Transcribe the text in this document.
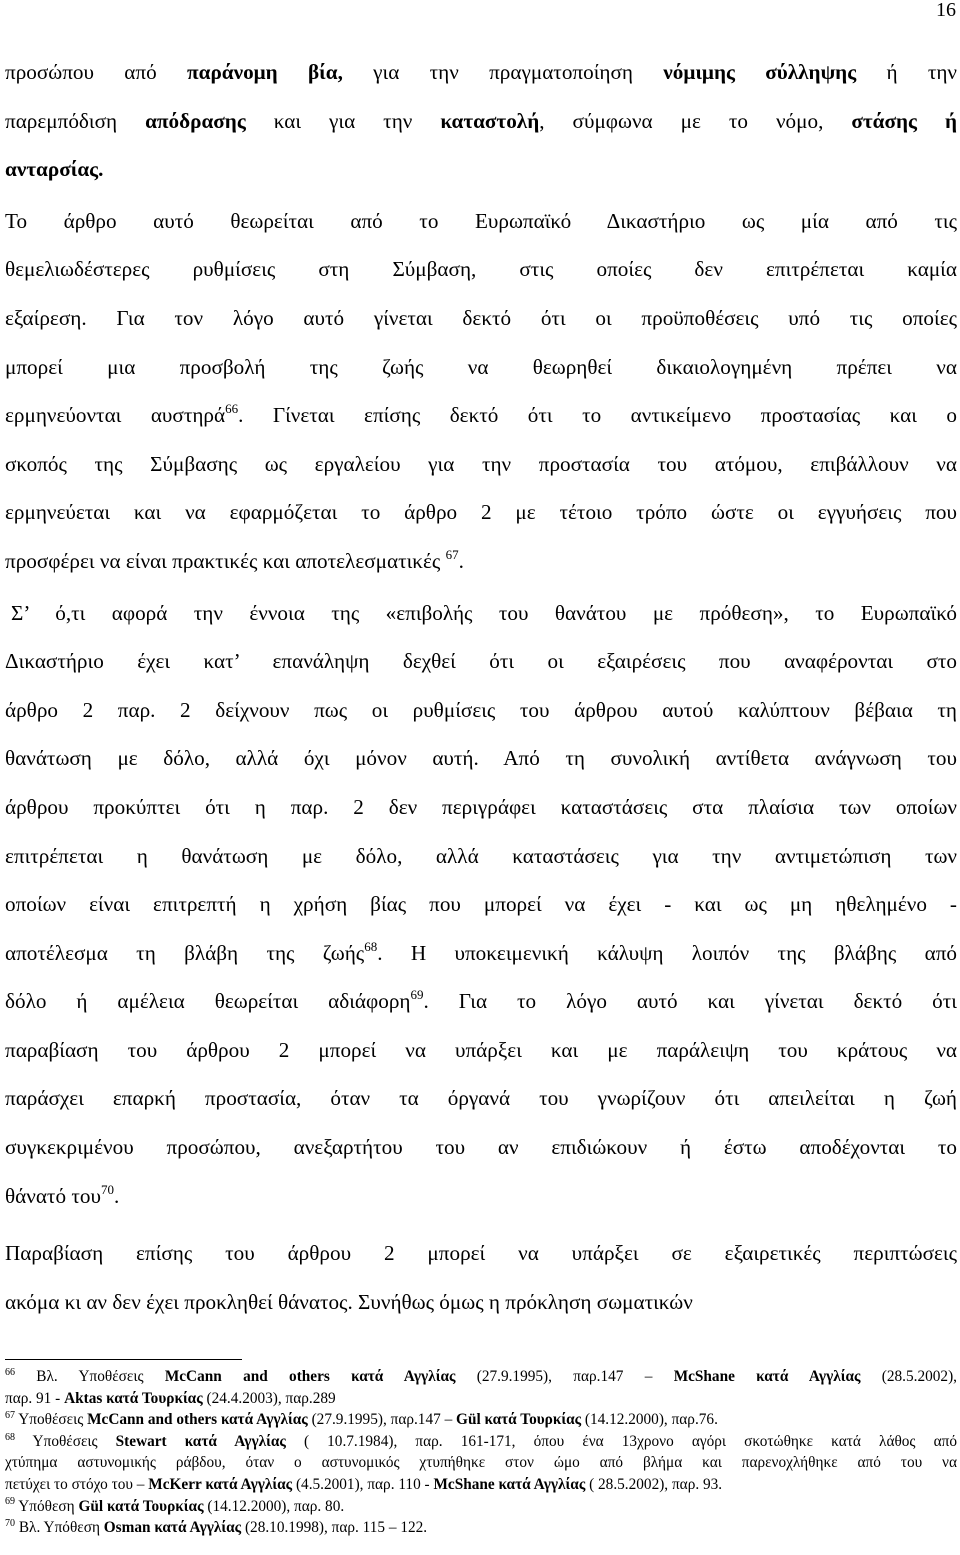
16
προσώπου από παράνομη βία, για την πραγματοποίηση νόμιμης σύλληψης ή την
παρεμπόδιση απόδρασης και για την καταστολή, σύμφωνα με το νόμο, στάσης ή
ανταρσίας.
Το άρθρο αυτό θεωρείται από το Ευρωπαϊκό Δικαστήριο ως μία από τις
θεμελιωδέστερες ρυθμίσεις στη Σύμβαση, στις οποίες δεν επιτρέπεται καμία
εξαίρεση. Για τον λόγο αυτό γίνεται δεκτό ότι οι προϋποθέσεις υπό τις οποίες
μπορεί μια προσβολή της ζωής να θεωρηθεί δικαιολογημένη πρέπει να
ερμηνεύονται αυστηρά$^{66}$. Γίνεται επίσης δεκτό ότι το αντικείμενο προστασίας και ο
σκοπός της Σύμβασης ως εργαλείου για την προστασία του ατόμου, επιβάλλουν να
ερμηνεύεται και να εφαρμόζεται το άρθρο 2 με τέτοιο τρόπο ώστε οι εγγυήσεις που
προσφέρει να είναι πρακτικές και αποτελεσματικές $^{67}$.
Σ’ ό,τι αφορά την έννοια της «επιβολής του θανάτου με πρόθεση», το Ευρωπαϊκό
Δικαστήριο έχει κατ’ επανάληψη δεχθεί ότι οι εξαιρέσεις που αναφέρονται στο
άρθρο 2 παρ. 2 δείχνουν πως οι ρυθμίσεις του άρθρου αυτού καλύπτουν βέβαια τη
θανάτωση με δόλο, αλλά όχι μόνον αυτή. Από τη συνολική αντίθετα ανάγνωση του
άρθρου προκύπτει ότι η παρ. 2 δεν περιγράφει καταστάσεις στα πλαίσια των οποίων
επιτρέπεται η θανάτωση με δόλο, αλλά καταστάσεις για την αντιμετώπιση των
οποίων είναι επιτρεπτή η χρήση βίας που μπορεί να έχει - και ως μη ηθελημένο -
αποτέλεσμα τη βλάβη της ζωής$^{68}$. Η υποκειμενική κάλυψη λοιπόν της βλάβης από
δόλο ή αμέλεια θεωρείται αδιάφορη$^{69}$. Για το λόγο αυτό και γίνεται δεκτό ότι
παραβίαση του άρθρου 2 μπορεί να υπάρξει και με παράλειψη του κράτους να
παράσχει επαρκή προστασία, όταν τα όργανά του γνωρίζουν ότι απειλείται η ζωή
συγκεκριμένου προσώπου, ανεξαρτήτου του αν επιδιώκουν ή έστω αποδέχονται το
θάνατό του$^{70}$.
Παραβίαση επίσης του άρθρου 2 μπορεί να υπάρξει σε εξαιρετικές περιπτώσεις
ακόμα κι αν δεν έχει προκληθεί θάνατος. Συνήθως όμως η πρόκληση σωματικών
$^{66}$ Βλ. Υποθέσεις McCann and others κατά Αγγλίας (27.9.1995), παρ.147 – McShane κατά Αγγλίας (28.5.2002),
παρ. 91 - Aktas κατά Τουρκίας (24.4.2003), παρ.289
$^{67}$ Υποθέσεις McCann and others κατά Αγγλίας (27.9.1995), παρ.147 – Gül κατά Τουρκίας (14.12.2000), παρ.76.
$^{68}$ Υποθέσεις Stewart κατά Αγγλίας ( 10.7.1984), παρ. 161-171, όπου ένα 13χρονο αγόρι σκοτώθηκε κατά λάθος από
χτύπημα αστυνομικής ράβδου, όταν ο αστυνομικός χτυπήθηκε στον ώμο από βλήμα και παρενοχλήθηκε από του να
πετύχει το στόχο του – McKerr κατά Αγγλίας (4.5.2001), παρ. 110 - McShane κατά Αγγλίας ( 28.5.2002), παρ. 93.
$^{69}$ Υπόθεση Gül κατά Τουρκίας (14.12.2000), παρ. 80.
$^{70}$ Βλ. Υπόθεση Osman κατά Αγγλίας (28.10.1998), παρ. 115 – 122.
